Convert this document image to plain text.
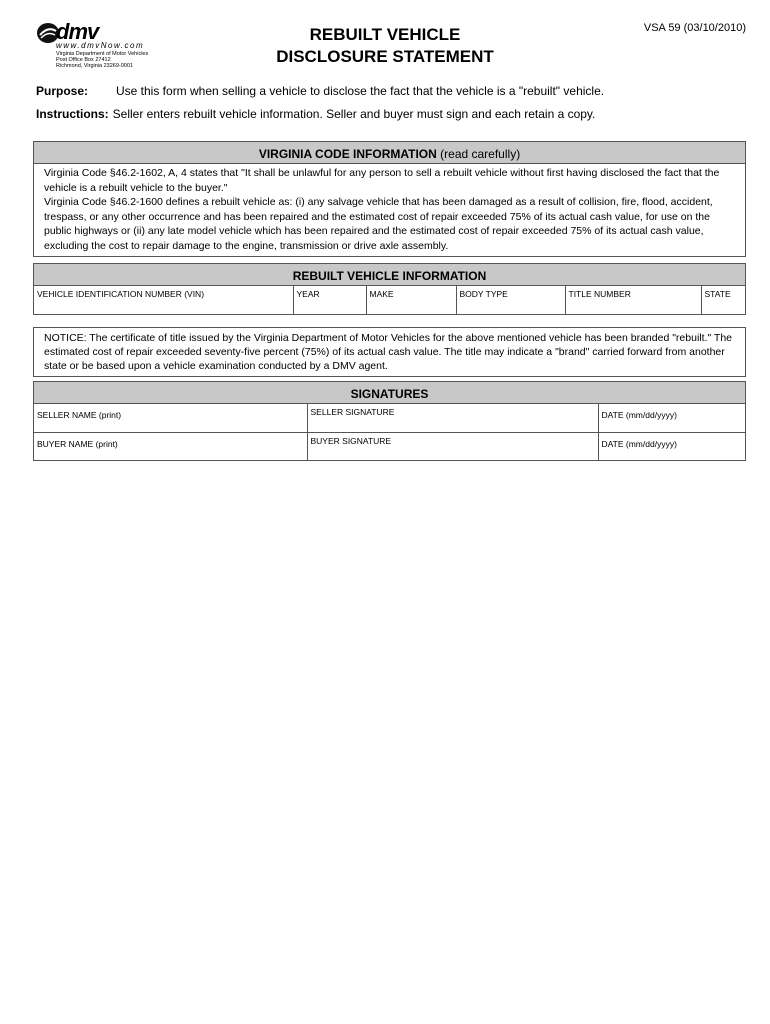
dmv
www.dmvNow.com
Virginia Department of Motor Vehicles
Post Office Box 27412
Richmond, Virginia 23269-0001
REBUILT VEHICLE
DISCLOSURE STATEMENT
VSA 59 (03/10/2010)
Purpose: Use this form when selling a vehicle to disclose the fact that the vehicle is a "rebuilt" vehicle.
Instructions: Seller enters rebuilt vehicle information. Seller and buyer must sign and each retain a copy.
VIRGINIA CODE INFORMATION (read carefully)
Virginia Code §46.2-1602, A, 4 states that "It shall be unlawful for any person to sell a rebuilt vehicle without first having disclosed the fact that the vehicle is a rebuilt vehicle to the buyer."
Virginia Code §46.2-1600 defines a rebuilt vehicle as: (i) any salvage vehicle that has been damaged as a result of collision, fire, flood, accident, trespass, or any other occurrence and has been repaired and the estimated cost of repair exceeded 75% of its actual cash value, for use on the public highways or (ii) any late model vehicle which has been repaired and the estimated cost of repair exceeded 75% of its actual cash value, excluding the cost to repair damage to the engine, transmission or drive axle assembly.
REBUILT VEHICLE INFORMATION
VEHICLE IDENTIFICATION NUMBER (VIN)	YEAR	MAKE	BODY TYPE	TITLE NUMBER	STATE
NOTICE: The certificate of title issued by the Virginia Department of Motor Vehicles for the above mentioned vehicle has been branded "rebuilt." The estimated cost of repair exceeded seventy-five percent (75%) of its actual cash value. The title may indicate a "brand" carried forward from another state or be based upon a vehicle examination conducted by a DMV agent.
SIGNATURES
SELLER NAME (print)	SELLER SIGNATURE	DATE (mm/dd/yyyy)
BUYER NAME (print)	BUYER SIGNATURE	DATE (mm/dd/yyyy)
